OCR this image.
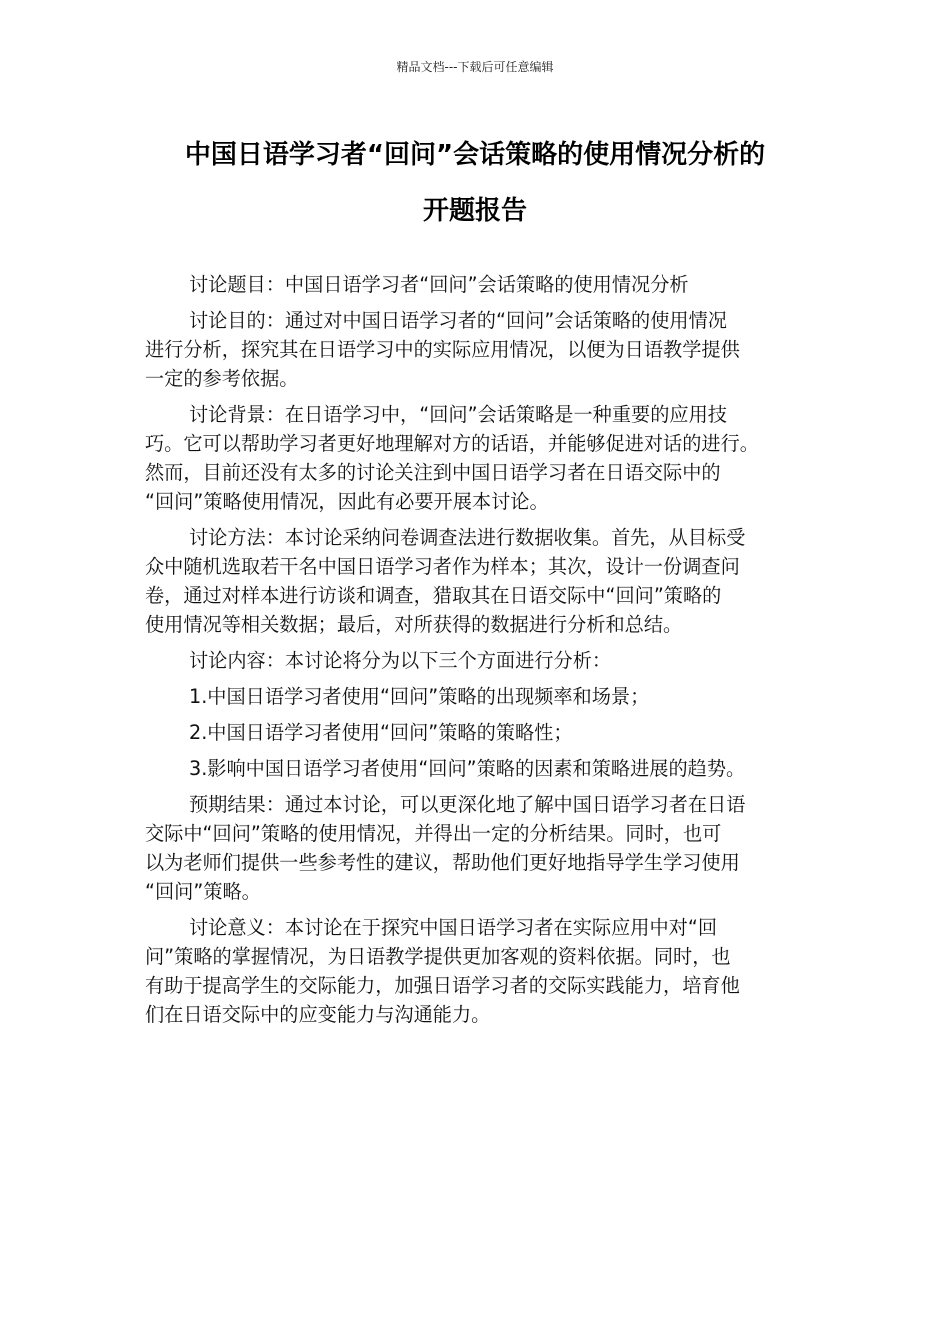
精品文档---下载后可任意编辑
中国日语学习者“回问”会话策略的使用情况分析的
开题报告
讨论题目：中国日语学习者“回问”会话策略的使用情况分析
讨论目的：通过对中国日语学习者的“回问”会话策略的使用情况
进行分析，探究其在日语学习中的实际应用情况，以便为日语教学提供
一定的参考依据。
讨论背景：在日语学习中，“回问”会话策略是一种重要的应用技
巧。它可以帮助学习者更好地理解对方的话语，并能够促进对话的进行。
然而，目前还没有太多的讨论关注到中国日语学习者在日语交际中的
“回问”策略使用情况，因此有必要开展本讨论。
讨论方法：本讨论采纳问卷调查法进行数据收集。首先，从目标受
众中随机选取若干名中国日语学习者作为样本；其次，设计一份调查问
卷，通过对样本进行访谈和调查，猎取其在日语交际中“回问”策略的
使用情况等相关数据；最后，对所获得的数据进行分析和总结。
讨论内容：本讨论将分为以下三个方面进行分析：
1.中国日语学习者使用“回问”策略的出现频率和场景；
2.中国日语学习者使用“回问”策略的策略性；
3.影响中国日语学习者使用“回问”策略的因素和策略进展的趋势。
预期结果：通过本讨论，可以更深化地了解中国日语学习者在日语
交际中“回问”策略的使用情况，并得出一定的分析结果。同时，也可
以为老师们提供一些参考性的建议，帮助他们更好地指导学生学习使用
“回问”策略。
讨论意义：本讨论在于探究中国日语学习者在实际应用中对“回
问”策略的掌握情况，为日语教学提供更加客观的资料依据。同时，也
有助于提高学生的交际能力，加强日语学习者的交际实践能力，培育他
们在日语交际中的应变能力与沟通能力。
